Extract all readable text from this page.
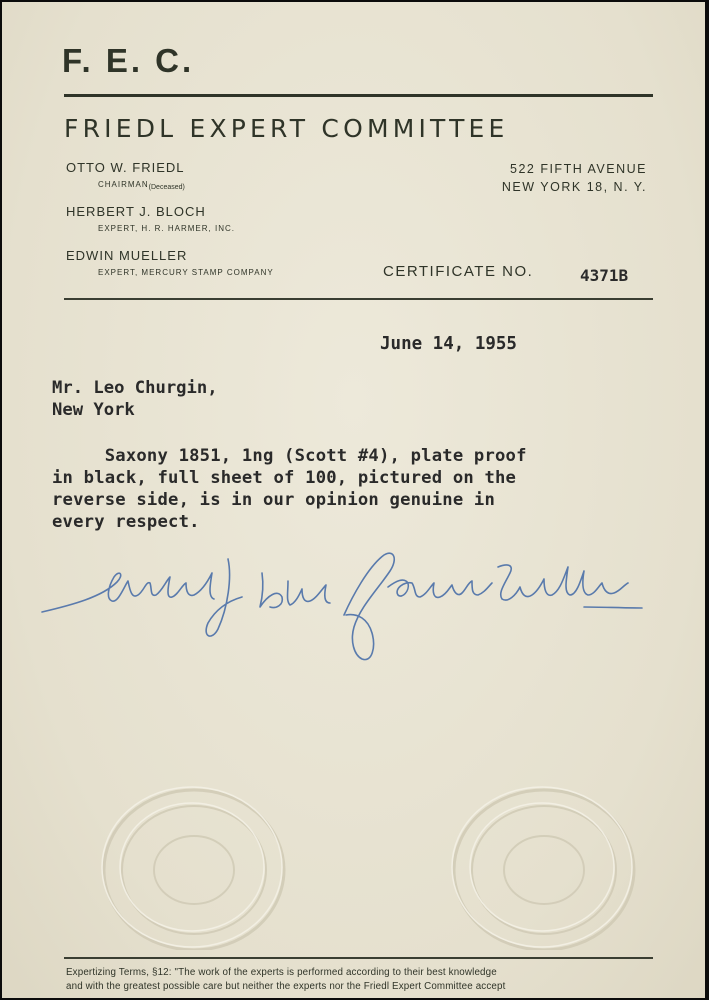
F. E. C.
FRIEDL EXPERT COMMITTEE
OTTO W. FRIEDL
CHAIRMAN(Deceased)
HERBERT J. BLOCH
EXPERT, H. R. HARMER, INC.
EDWIN MUELLER
EXPERT, MERCURY STAMP COMPANY
522 FIFTH AVENUE
NEW YORK 18, N. Y.
CERTIFICATE NO.	4371B
June 14, 1955
Mr. Leo Churgin,
New York
Saxony 1851, 1ng (Scott #4), plate proof
in black, full sheet of 100, pictured on the
reverse side, is in our opinion genuine in
every respect.
Expertizing Terms, §12: "The work of the experts is performed according to their best knowledge
and with the greatest possible care but neither the experts nor the Friedl Expert Committee accept
